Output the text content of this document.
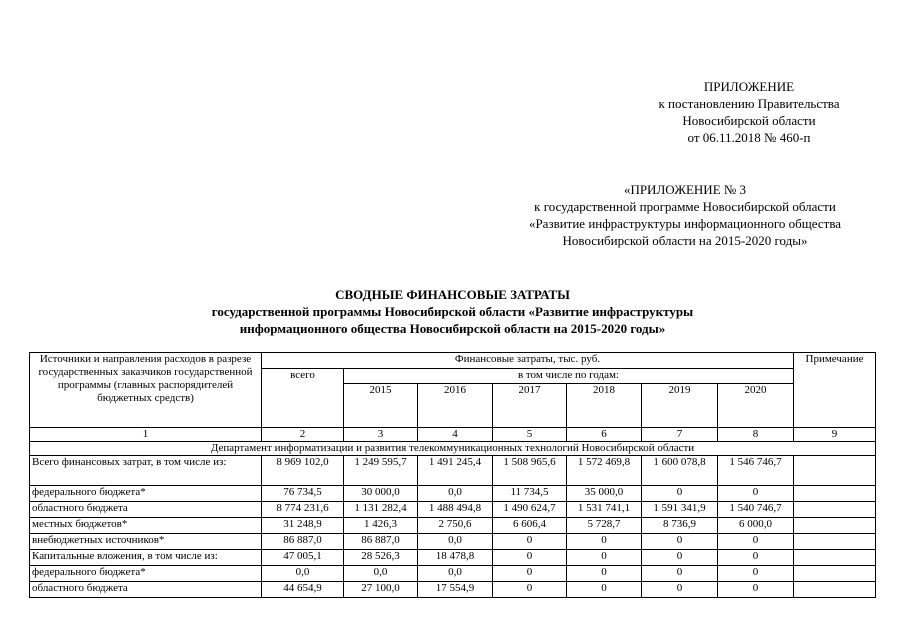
ПРИЛОЖЕНИЕ
к постановлению Правительства
Новосибирской области
от 06.11.2018 № 460-п
«ПРИЛОЖЕНИЕ № 3
к государственной программе Новосибирской области
«Развитие инфраструктуры информационного общества
Новосибирской области на 2015-2020 годы»
СВОДНЫЕ ФИНАНСОВЫЕ ЗАТРАТЫ
государственной программы Новосибирской области «Развитие инфраструктуры
информационного общества Новосибирской области на 2015-2020 годы»
Источники и направления расходов в разрезе государственных заказчиков государственной программы (главных распорядителей бюджетных средств)	Финансовые затраты, тыс. руб.							Примечание
	всего	в том числе по годам:						
		2015	2016	2017	2018	2019	2020	
1	2	3	4	5	6	7	8	9
Департамент информатизации и развития телекоммуникационных технологий Новосибирской области								
Всего финансовых затрат, в том числе из:	8 969 102,0	1 249 595,7	1 491 245,4	1 508 965,6	1 572 469,8	1 600 078,8	1 546 746,7	
федерального бюджета*	76 734,5	30 000,0	0,0	11 734,5	35 000,0	0	0	
областного бюджета	8 774 231,6	1 131 282,4	1 488 494,8	1 490 624,7	1 531 741,1	1 591 341,9	1 540 746,7	
местных бюджетов*	31 248,9	1 426,3	2 750,6	6 606,4	5 728,7	8 736,9	6 000,0	
внебюджетных источников*	86 887,0	86 887,0	0,0	0	0	0	0	
Капитальные вложения, в том числе из:	47 005,1	28 526,3	18 478,8	0	0	0	0	
федерального бюджета*	0,0	0,0	0,0	0	0	0	0	
областного бюджета	44 654,9	27 100,0	17 554,9	0	0	0	0	
